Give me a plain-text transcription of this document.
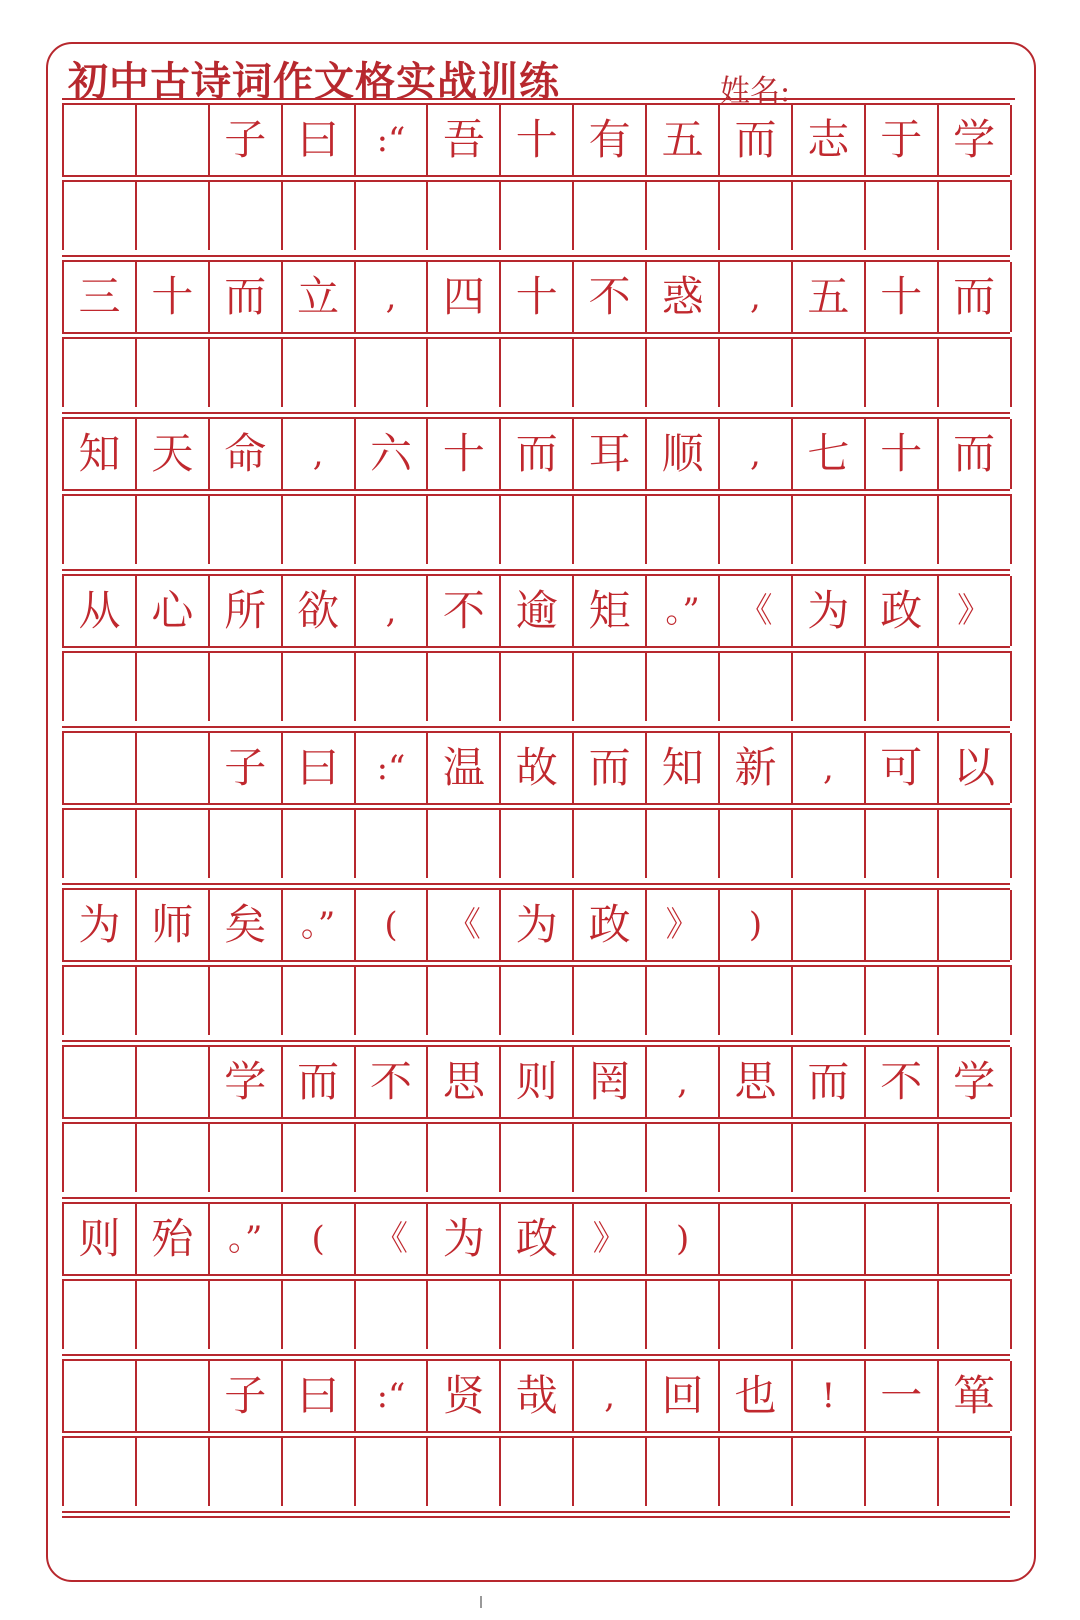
初中古诗词作文格实战训练	姓名:
子 曰	:“ 吾 十 有 五 而 志 于 学
三 十 而 立	,	四 十 不 惑	,	五 十 而
知 天 命	,	六 十 而 耳 顺	,	七 十 而
从 心 所 欲	,	不 逾 矩	。”	《 为 政	》
子 曰	:“ 温 故 而 知 新	,	可 以
为 师 矣	。”	(	《 为 政	》	)
学 而 不 思 则 罔	,	思 而 不 学
则 殆	。”	(	《 为 政	》	)
子 曰	:“ 贤 哉	,	回 也	!	一 箪
